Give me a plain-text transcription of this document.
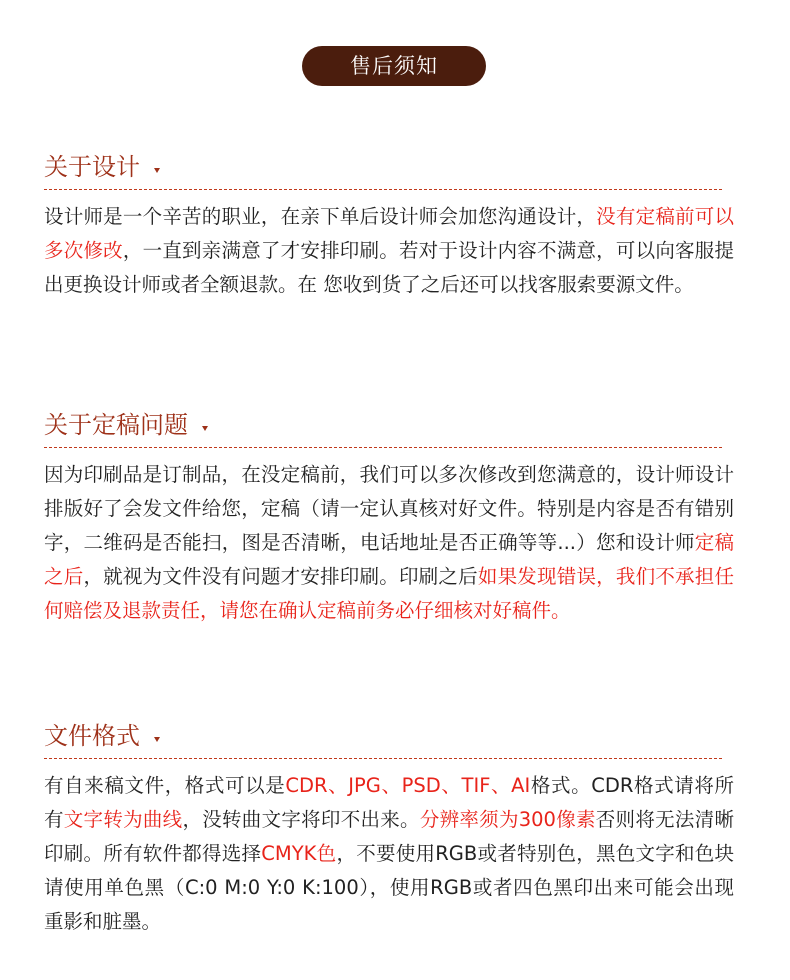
售后须知
关于设计
设计师是一个辛苦的职业，在亲下单后设计师会加您沟通设计，没有定稿前可以多次修改，一直到亲满意了才安排印刷。若对于设计内容不满意，可以向客服提出更换设计师或者全额退款。在 您收到货了之后还可以找客服索要源文件。
关于定稿问题
因为印刷品是订制品，在没定稿前，我们可以多次修改到您满意的，设计师设计排版好了会发文件给您，定稿（请一定认真核对好文件。特别是内容是否有错别字，二维码是否能扫，图是否清晰，电话地址是否正确等等...）您和设计师定稿之后，就视为文件没有问题才安排印刷。印刷之后如果发现错误，我们不承担任何赔偿及退款责任，请您在确认定稿前务必仔细核对好稿件。
文件格式
有自来稿文件，格式可以是CDR、JPG、PSD、TIF、AI格式。CDR格式请将所有文字转为曲线，没转曲文字将印不出来。分辨率须为300像素否则将无法清晰印刷。所有软件都得选择CMYK色，不要使用RGB或者特别色，黑色文字和色块请使用单色黑（C:0 M:0 Y:0 K:100），使用RGB或者四色黑印出来可能会出现重影和脏墨。
